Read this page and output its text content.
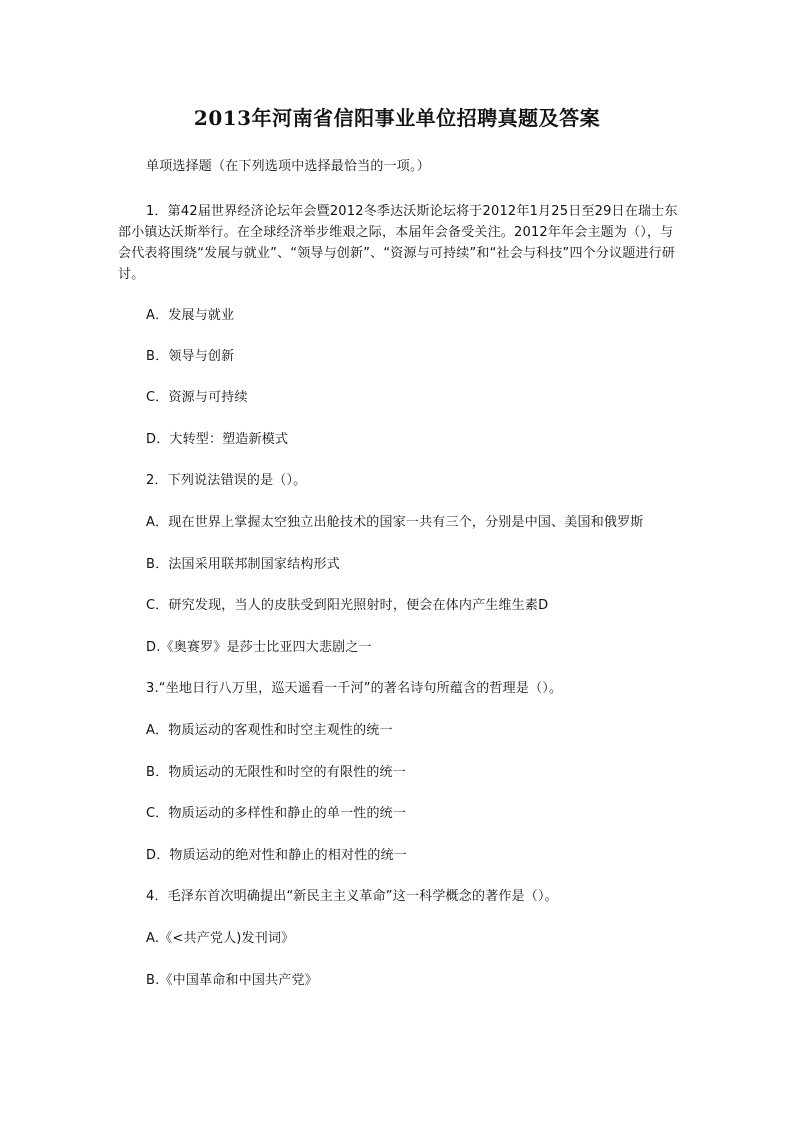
2013年河南省信阳事业单位招聘真题及答案
单项选择题（在下列选项中选择最恰当的一项。）

1．第42届世界经济论坛年会暨2012冬季达沃斯论坛将于2012年1月25日至29日在瑞士东部小镇达沃斯举行。在全球经济举步维艰之际，本届年会备受关注。2012年年会主题为（），与会代表将围绕“发展与就业”、“领导与创新”、“资源与可持续”和“社会与科技”四个分议题进行研讨。

A．发展与就业
B．领导与创新
C．资源与可持续
D．大转型：塑造新模式
2．下列说法错误的是（）。
A．现在世界上掌握太空独立出舱技术的国家一共有三个，分别是中国、美国和俄罗斯
B．法国采用联邦制国家结构形式
C．研究发现，当人的皮肤受到阳光照射时，便会在体内产生维生素D
D.《奥赛罗》是莎士比亚四大悲剧之一
3.“坐地日行八万里，巡天遥看一千河”的著名诗句所蕴含的哲理是（）。
A．物质运动的客观性和时空主观性的统一
B．物质运动的无限性和时空的有限性的统一
C．物质运动的多样性和静止的单一性的统一
D．物质运动的绝对性和静止的相对性的统一
4．毛泽东首次明确提出“新民主主义革命”这一科学概念的著作是（）。
A.《<共产党人)发刊词》
B.《中国革命和中国共产党》
